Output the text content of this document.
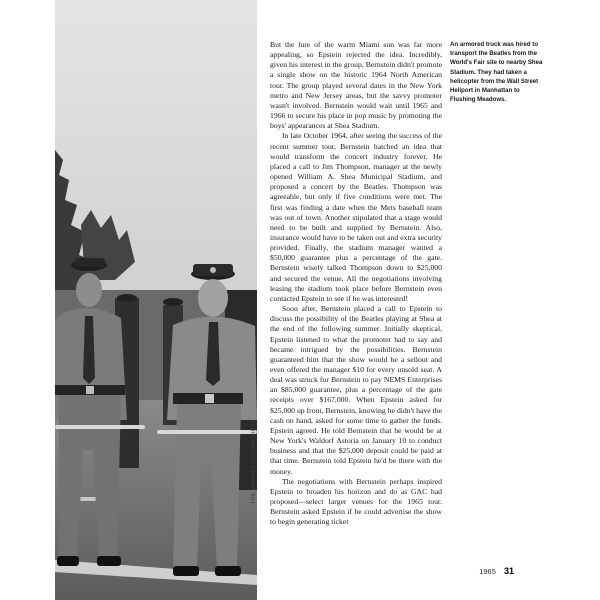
THE LIBRARY OF CONGRESS

But the lure of the warm Miami sun was far more appealing, so Epstein rejected the idea. Incredibly, given his interest in the group, Bernstein didn't promote a single show on the historic 1964 North American tour. The group played several dates in the New York metro and New Jersey areas, but the savvy promoter wasn't involved. Bernstein would wait until 1965 and 1966 to secure his place in pop music by promoting the boys' appearances at Shea Stadium.

In late October 1964, after seeing the success of the recent summer tour, Bernstein hatched an idea that would transform the concert industry forever. He placed a call to Jim Thompson, manager at the newly opened William A. Shea Municipal Stadium, and proposed a concert by the Beatles. Thompson was agreeable, but only if five conditions were met. The first was finding a date when the Mets baseball team was out of town. Another stipulated that a stage would need to be built and supplied by Bernstein. Also, insurance would have to be taken out and extra security provided. Finally, the stadium manager wanted a $50,000 guarantee plus a percentage of the gate. Bernstein wisely talked Thompson down to $25,000 and secured the venue. All the negotiations involving leasing the stadium took place before Bernstein even contacted Epstein to see if he was interested!

Soon after, Bernstein placed a call to Epstein to discuss the possibility of the Beatles playing at Shea at the end of the following summer. Initially skeptical, Epstein listened to what the promoter had to say and became intrigued by the possibilities. Bernstein guaranteed him that the show would be a sellout and even offered the manager $10 for every unsold seat. A deal was struck for Bernstein to pay NEMS Enterprises an $85,000 guarantee, plus a percentage of the gate receipts over $167,000. When Epstein asked for $25,000 up front, Bernstein, knowing he didn't have the cash on hand, asked for some time to gather the funds. Epstein agreed. He told Bernstein that he would be at New York's Waldorf Astoria on January 10 to conduct business and that the $25,000 deposit could be paid at that time. Bernstein told Epstein he'd be there with the money.

The negotiations with Bernstein perhaps inspired Epstein to broaden his horizon and do as GAC had proposed—select larger venues for the 1965 tour. Bernstein asked Epstein if he could advertise the show to begin generating ticket

An armored truck was hired to transport the Beatles from the World's Fair site to nearby Shea Stadium. They had taken a helicopter from the Wall Street Heliport in Manhattan to Flushing Meadows.
1965 31
